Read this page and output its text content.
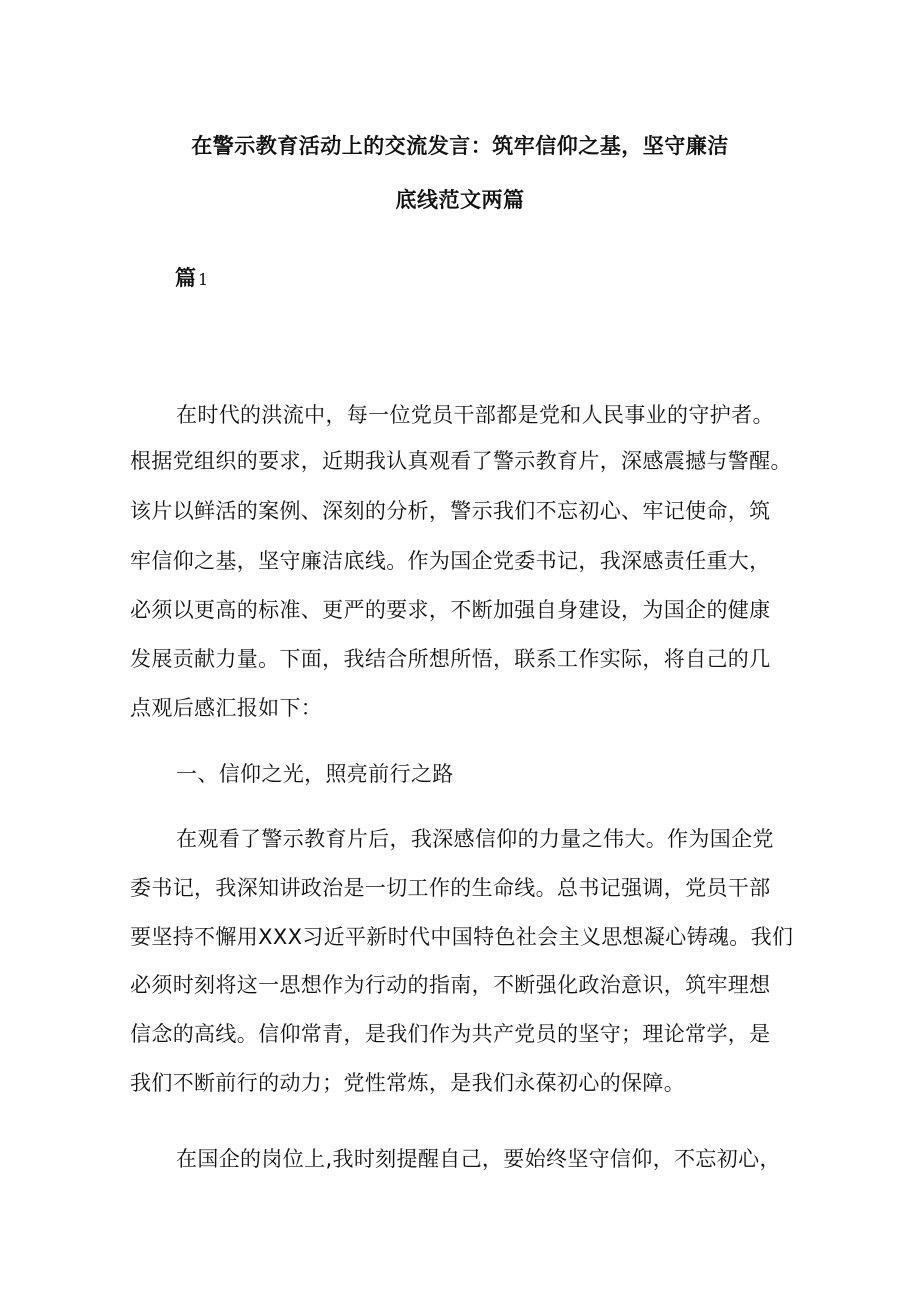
在警示教育活动上的交流发言：筑牢信仰之基，坚守廉洁
底线范文两篇
篇 1
在时代的洪流中，每一位党员干部都是党和人民事业的守护者。
根据党组织的要求，近期我认真观看了警示教育片，深感震撼与警醒。
该片以鲜活的案例、深刻的分析，警示我们不忘初心、牢记使命，筑
牢信仰之基，坚守廉洁底线。作为国企党委书记，我深感责任重大，
必须以更高的标准、更严的要求，不断加强自身建设，为国企的健康
发展贡献力量。下面，我结合所想所悟，联系工作实际，将自己的几
点观后感汇报如下：
一、信仰之光，照亮前行之路
在观看了警示教育片后，我深感信仰的力量之伟大。作为国企党
委书记，我深知讲政治是一切工作的生命线。总书记强调，党员干部
要坚持不懈用XXX习近平新时代中国特色社会主义思想凝心铸魂。我们
必须时刻将这一思想作为行动的指南，不断强化政治意识，筑牢理想
信念的高线。信仰常青，是我们作为共产党员的坚守；理论常学，是
我们不断前行的动力；党性常炼，是我们永葆初心的保障。
在国企的岗位上,我时刻提醒自己，要始终坚守信仰，不忘初心，
